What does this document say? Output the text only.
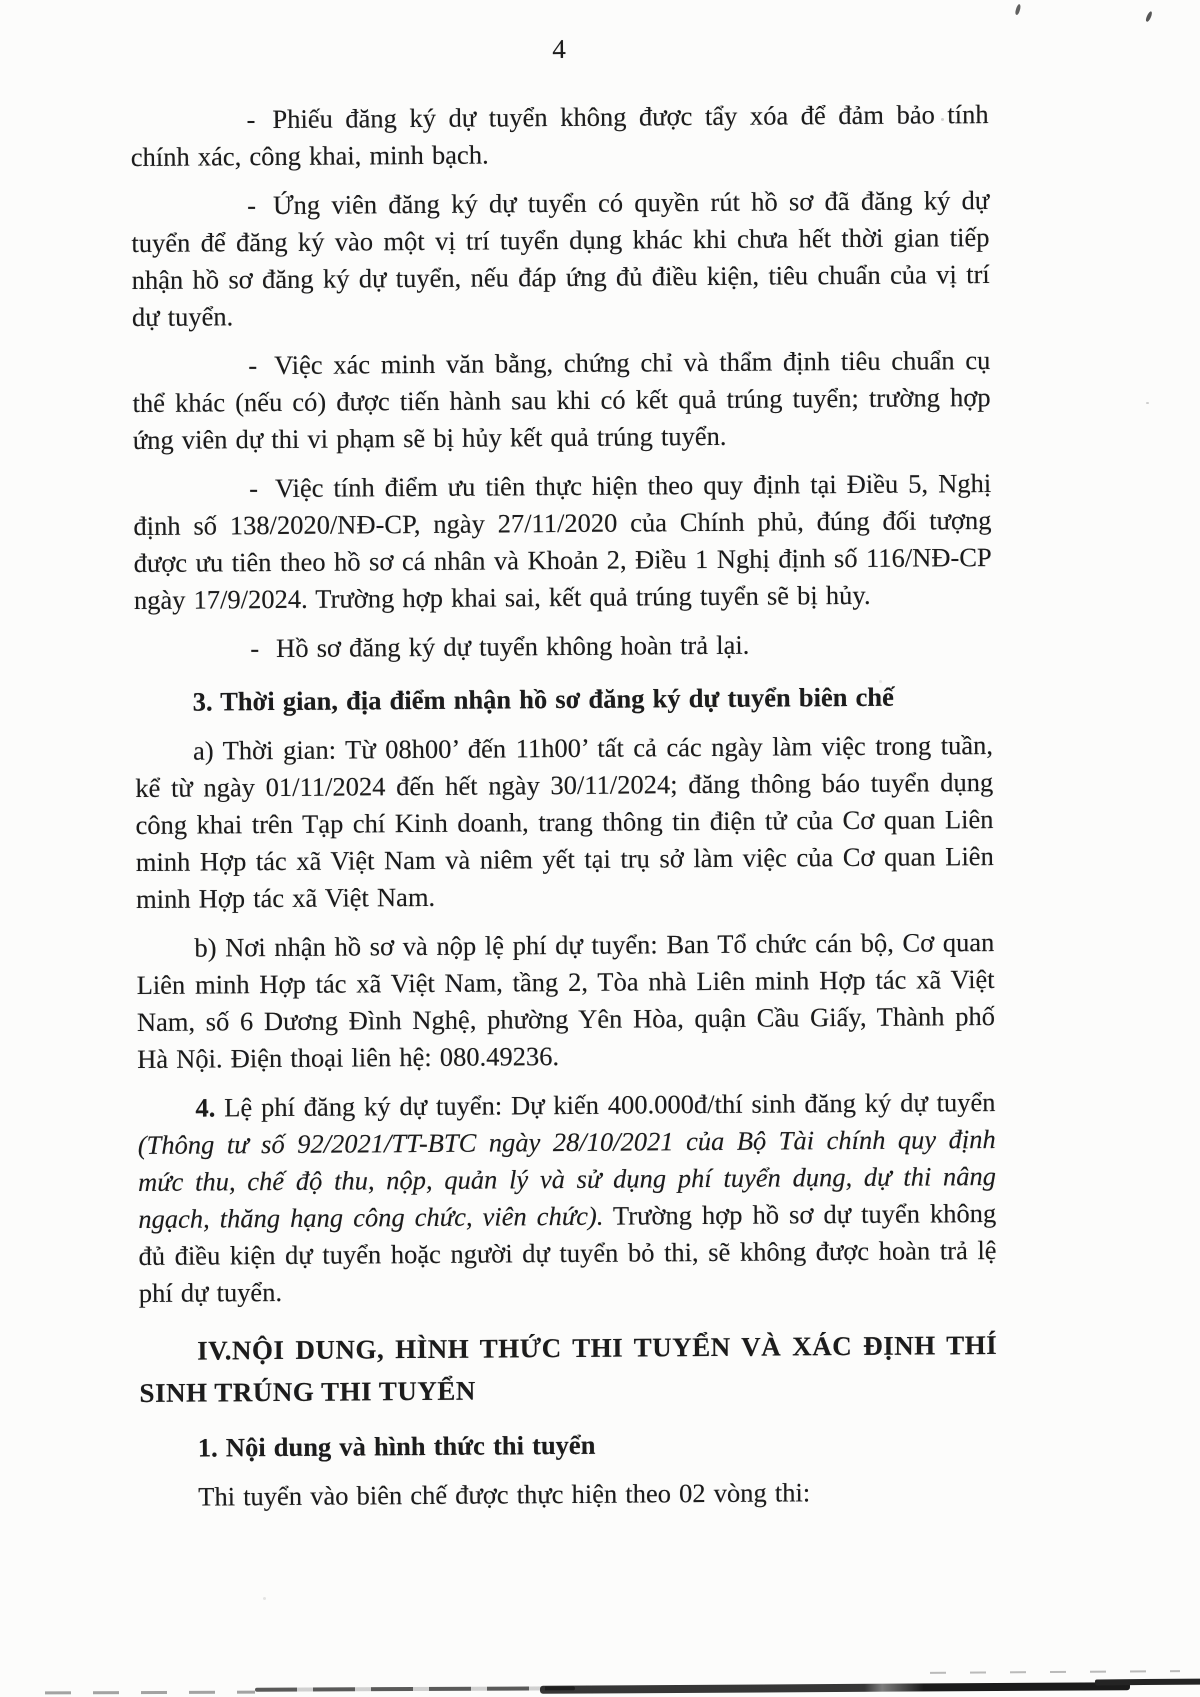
4

- Phiếu đăng ký dự tuyển không được tẩy xóa để đảm bảo tính chính xác, công khai, minh bạch.

- Ứng viên đăng ký dự tuyển có quyền rút hồ sơ đã đăng ký dự tuyển để đăng ký vào một vị trí tuyển dụng khác khi chưa hết thời gian tiếp nhận hồ sơ đăng ký dự tuyển, nếu đáp ứng đủ điều kiện, tiêu chuẩn của vị trí dự tuyển.

- Việc xác minh văn bằng, chứng chỉ và thẩm định tiêu chuẩn cụ thể khác (nếu có) được tiến hành sau khi có kết quả trúng tuyển; trường hợp ứng viên dự thi vi phạm sẽ bị hủy kết quả trúng tuyển.

- Việc tính điểm ưu tiên thực hiện theo quy định tại Điều 5, Nghị định số 138/2020/NĐ-CP, ngày 27/11/2020 của Chính phủ, đúng đối tượng được ưu tiên theo hồ sơ cá nhân và Khoản 2, Điều 1 Nghị định số 116/NĐ-CP ngày 17/9/2024. Trường hợp khai sai, kết quả trúng tuyển sẽ bị hủy.

- Hồ sơ đăng ký dự tuyển không hoàn trả lại.

3. Thời gian, địa điểm nhận hồ sơ đăng ký dự tuyển biên chế

a) Thời gian: Từ 08h00’ đến 11h00’ tất cả các ngày làm việc trong tuần, kể từ ngày 01/11/2024 đến hết ngày 30/11/2024; đăng thông báo tuyển dụng công khai trên Tạp chí Kinh doanh, trang thông tin điện tử của Cơ quan Liên minh Hợp tác xã Việt Nam và niêm yết tại trụ sở làm việc của Cơ quan Liên minh Hợp tác xã Việt Nam.

b) Nơi nhận hồ sơ và nộp lệ phí dự tuyển: Ban Tổ chức cán bộ, Cơ quan Liên minh Hợp tác xã Việt Nam, tầng 2, Tòa nhà Liên minh Hợp tác xã Việt Nam, số 6 Dương Đình Nghệ, phường Yên Hòa, quận Cầu Giấy, Thành phố Hà Nội. Điện thoại liên hệ: 080.49236.

4. Lệ phí đăng ký dự tuyển: Dự kiến 400.000đ/thí sinh đăng ký dự tuyển (Thông tư số 92/2021/TT-BTC ngày 28/10/2021 của Bộ Tài chính quy định mức thu, chế độ thu, nộp, quản lý và sử dụng phí tuyển dụng, dự thi nâng ngạch, thăng hạng công chức, viên chức). Trường hợp hồ sơ dự tuyển không đủ điều kiện dự tuyển hoặc người dự tuyển bỏ thi, sẽ không được hoàn trả lệ phí dự tuyển.

IV.NỘI DUNG, HÌNH THỨC THI TUYỂN VÀ XÁC ĐỊNH THÍ
SINH TRÚNG THI TUYỂN

1. Nội dung và hình thức thi tuyển

Thi tuyển vào biên chế được thực hiện theo 02 vòng thi:
